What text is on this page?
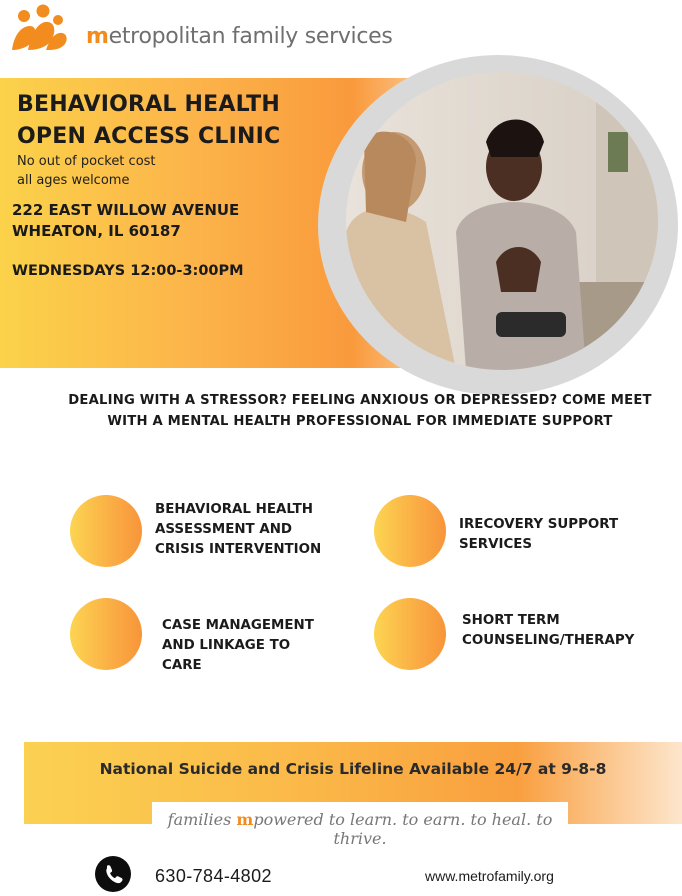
metropolitan family services
BEHAVIORAL HEALTH
OPEN ACCESS CLINIC
No out of pocket cost
all ages welcome
222 EAST WILLOW AVENUE
WHEATON, IL 60187
WEDNESDAYS 12:00-3:00PM
DEALING WITH A STRESSOR? FEELING ANXIOUS OR DEPRESSED? COME MEET
WITH A MENTAL HEALTH PROFESSIONAL FOR IMMEDIATE SUPPORT
BEHAVIORAL HEALTH
ASSESSMENT AND
CRISIS INTERVENTION
IRECOVERY SUPPORT
SERVICES
CASE MANAGEMENT
AND LINKAGE TO
CARE
SHORT TERM
COUNSELING/THERAPY
National Suicide and Crisis Lifeline Available 24/7 at 9-8-8
families mpowered to learn. to earn. to heal. to thrive.
630-784-4802	www.metrofamily.org
